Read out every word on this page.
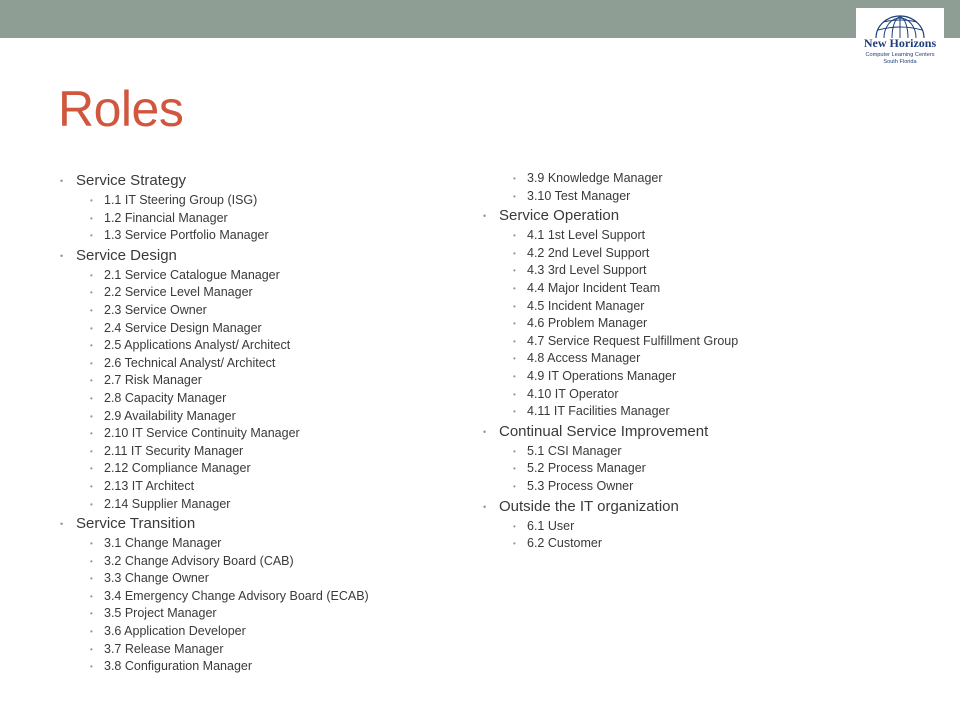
New Horizons
Computer Learning Centers
South Florida
Roles
• Service Strategy
• 1.1 IT Steering Group (ISG)
• 1.2 Financial Manager
• 1.3 Service Portfolio Manager
• Service Design
• 2.1 Service Catalogue Manager
• 2.2 Service Level Manager
• 2.3 Service Owner
• 2.4 Service Design Manager
• 2.5 Applications Analyst/ Architect
• 2.6 Technical Analyst/ Architect
• 2.7 Risk Manager
• 2.8 Capacity Manager
• 2.9 Availability Manager
• 2.10 IT Service Continuity Manager
• 2.11 IT Security Manager
• 2.12 Compliance Manager
• 2.13 IT Architect
• 2.14 Supplier Manager
• Service Transition
• 3.1 Change Manager
• 3.2 Change Advisory Board (CAB)
• 3.3 Change Owner
• 3.4 Emergency Change Advisory Board (ECAB)
• 3.5 Project Manager
• 3.6 Application Developer
• 3.7 Release Manager
• 3.8 Configuration Manager
• 3.9 Knowledge Manager
• 3.10 Test Manager
• Service Operation
• 4.1 1st Level Support
• 4.2 2nd Level Support
• 4.3 3rd Level Support
• 4.4 Major Incident Team
• 4.5 Incident Manager
• 4.6 Problem Manager
• 4.7 Service Request Fulfillment Group
• 4.8 Access Manager
• 4.9 IT Operations Manager
• 4.10 IT Operator
• 4.11 IT Facilities Manager
• Continual Service Improvement
• 5.1 CSI Manager
• 5.2 Process Manager
• 5.3 Process Owner
• Outside the IT organization
• 6.1 User
• 6.2 Customer
